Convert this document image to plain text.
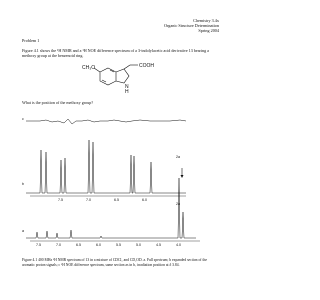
Chemistry 3.4x
Organic Structure Determination
Spring 2004
Problem 1
Figure 4.1 shows the ¹H NMR and a ¹H NOE difference spectrum of a 3-indolylacetic acid derivative 13 bearing a methoxy group at the benzenoid ring.
CH₃O	COOH
N
H
What is the position of the methoxy group?
c
b
7.5	7.0	6.5	6.0
2a
a
7.5	7.0	6.5	6.0	5.5	5.0	4.5	4.0
2a
Figure 4.1 400 MHz ¹H NMR spectrum of 13 in a mixture of CDCl₃ and CD₃OD. a. Full spectrum; b expanded section of the aromatic proton signals; c ¹H NOE difference spectrum, same section as in b, irradiation position at δ 3.84.
